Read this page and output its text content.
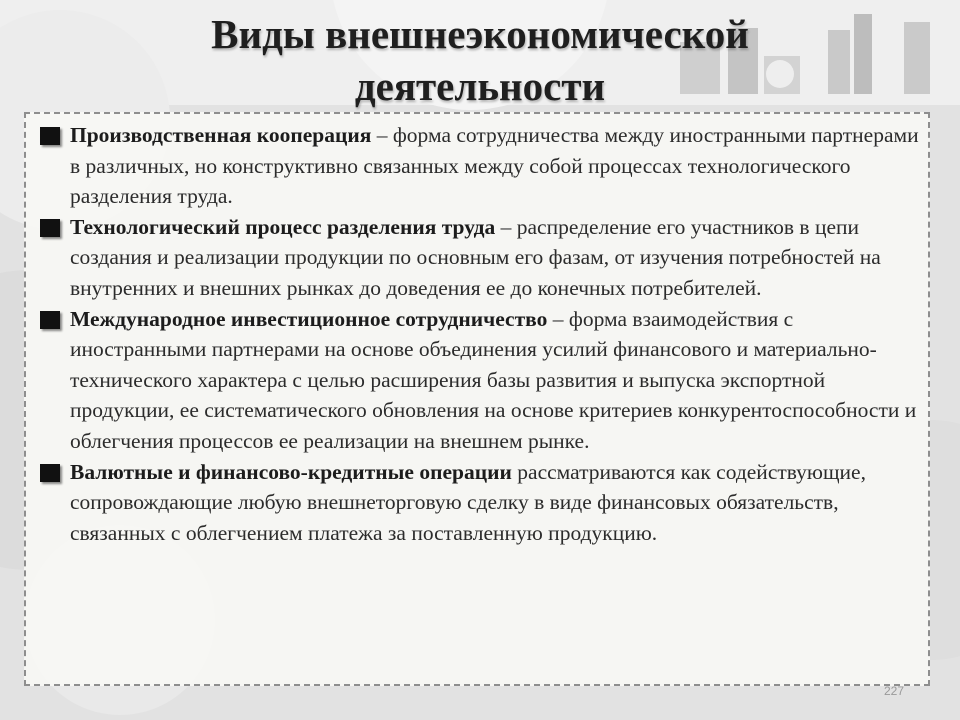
Виды внешнеэкономической
деятельности
Производственная кооперация – форма сотрудничества между иностранными партнерами в различных, но конструктивно связанных между собой процессах технологического разделения труда.
Технологический процесс разделения труда – распределение его участников в цепи создания и реализации продукции по основным его фазам, от изучения потребностей на внутренних и внешних рынках до доведения ее до конечных потребителей.
Международное инвестиционное сотрудничество – форма взаимодействия с иностранными партнерами на основе объединения усилий финансового и материально-технического характера с целью расширения базы развития и выпуска экспортной продукции, ее систематического обновления на основе критериев конкурентоспособности и облегчения процессов ее реализации на внешнем рынке.
Валютные и финансово-кредитные операции рассматриваются как содействующие, сопровождающие любую внешнеторговую сделку в виде финансовых обязательств, связанных с облегчением платежа за поставленную продукцию.
227
